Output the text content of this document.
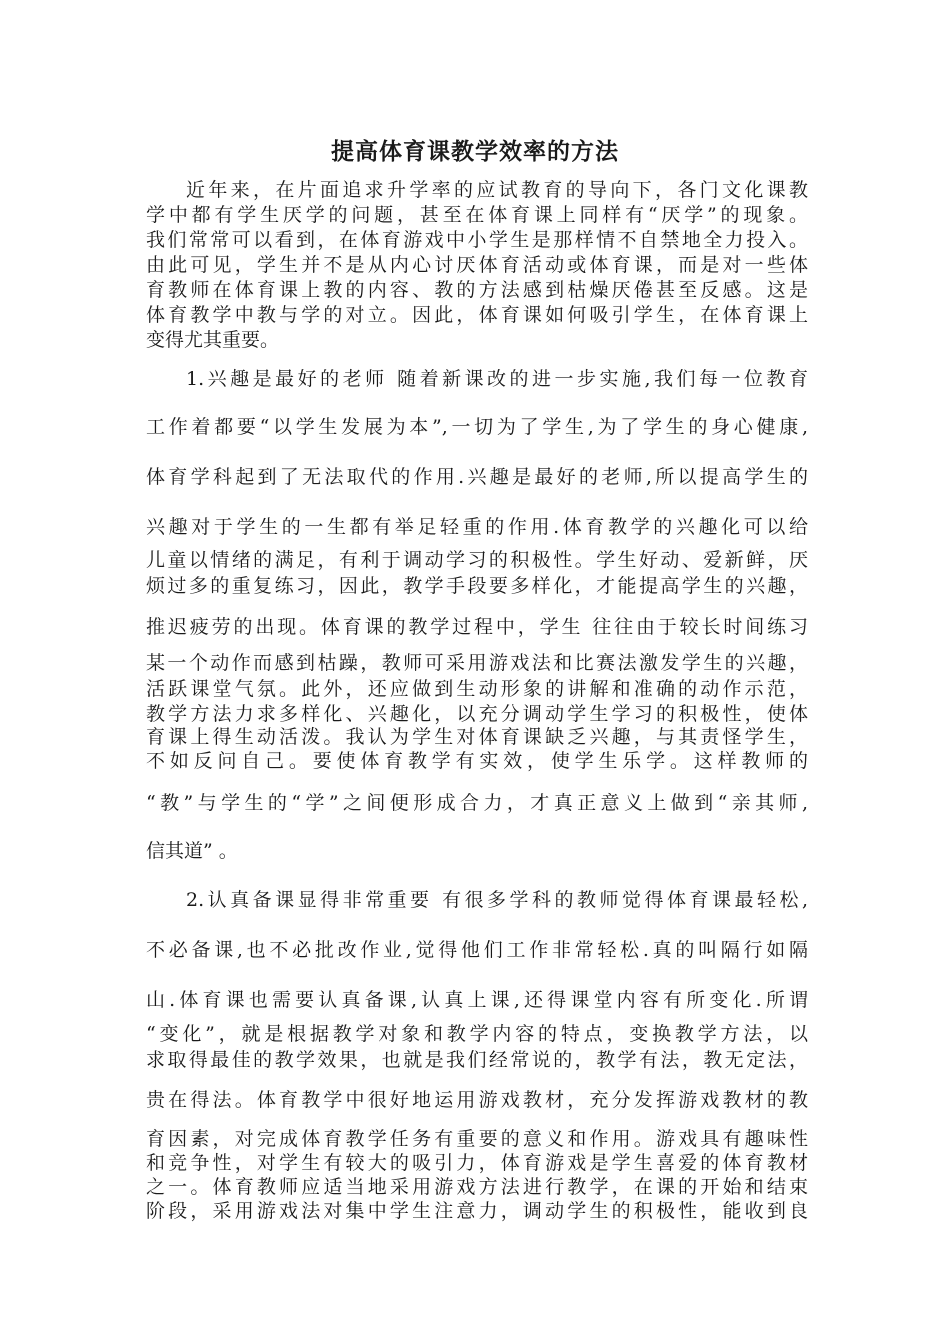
提高体育课教学效率的方法
近年来，在片面追求升学率的应试教育的导向下，各门文化课教
学中都有学生厌学的问题，甚至在体育课上同样有“厌学”的现象。
我们常常可以看到，在体育游戏中小学生是那样情不自禁地全力投入。
由此可见，学生并不是从内心讨厌体育活动或体育课，而是对一些体
育教师在体育课上教的内容、教的方法感到枯燥厌倦甚至反感。这是
体育教学中教与学的对立。因此，体育课如何吸引学生，在体育课上
变得尤其重要。
1.兴趣是最好的老师 随着新课改的进一步实施,我们每一位教育
工作着都要“以学生发展为本”,一切为了学生,为了学生的身心健康,
体育学科起到了无法取代的作用.兴趣是最好的老师,所以提高学生的
兴趣对于学生的一生都有举足轻重的作用.体育教学的兴趣化可以给
儿童以情绪的满足，有利于调动学习的积极性。学生好动、爱新鲜，厌
烦过多的重复练习，因此，教学手段要多样化，才能提高学生的兴趣，
推迟疲劳的出现。体育课的教学过程中，学生 往往由于较长时间练习
某一个动作而感到枯躁，教师可采用游戏法和比赛法激发学生的兴趣，
活跃课堂气氛。此外，还应做到生动形象的讲解和准确的动作示范，
教学方法力求多样化、兴趣化，以充分调动学生学习的积极性，使体
育课上得生动活泼。我认为学生对体育课缺乏兴趣，与其责怪学生，
不如反问自己。要使体育教学有实效，使学生乐学。这样教师的
“教”与学生的“学”之间便形成合力，才真正意义上做到“亲其师,
信其道” 。
2.认真备课显得非常重要 有很多学科的教师觉得体育课最轻松,
不必备课,也不必批改作业,觉得他们工作非常轻松.真的叫隔行如隔
山.体育课也需要认真备课,认真上课,还得课堂内容有所变化.所谓
“变化”，就是根据教学对象和教学内容的特点，变换教学方法，以
求取得最佳的教学效果，也就是我们经常说的，教学有法，教无定法，
贵在得法。体育教学中很好地运用游戏教材，充分发挥游戏教材的教
育因素，对完成体育教学任务有重要的意义和作用。游戏具有趣味性
和竞争性，对学生有较大的吸引力，体育游戏是学生喜爱的体育教材
之一。体育教师应适当地采用游戏方法进行教学，在课的开始和结束
阶段，采用游戏法对集中学生注意力，调动学生的积极性，能收到良
